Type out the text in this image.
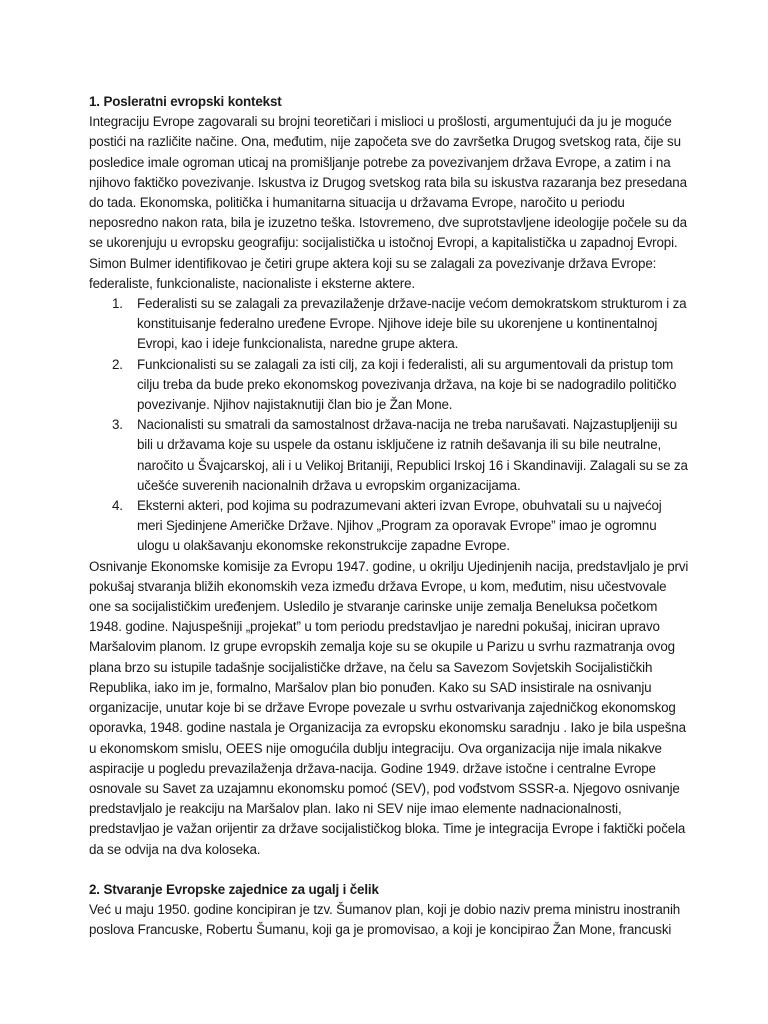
1. Posleratni evropski kontekst

Integraciju Evrope zagovarali su brojni teoretičari i mislioci u prošlosti, argumentujući da ju je moguće postići na različite načine. Ona, međutim, nije započeta sve do završetka Drugog svetskog rata, čije su posledice imale ogroman uticaj na promišljanje potrebe za povezivanjem država Evrope, a zatim i na njihovo faktičko povezivanje. Iskustva iz Drugog svetskog rata bila su iskustva razaranja bez presedana do tada. Ekonomska, politička i humanitarna situacija u državama Evrope, naročito u periodu neposredno nakon rata, bila je izuzetno teška. Istovremeno, dve suprotstavljene ideologije počele su da se ukorenjuju u evropsku geografiju: socijalistička u istočnoj Evropi, a kapitalistička u zapadnoj Evropi. Simon Bulmer identifikovao je četiri grupe aktera koji su se zalagali za povezivanje država Evrope: federaliste, funkcionaliste, nacionaliste i eksterne aktere.

1. Federalisti su se zalagali za prevazilaženje države-nacije većom demokratskom strukturom i za konstituisanje federalno uređene Evrope. Njihove ideje bile su ukorenjene u kontinentalnoj Evropi, kao i ideje funkcionalista, naredne grupe aktera.
2. Funkcionalisti su se zalagali za isti cilj, za koji i federalisti, ali su argumentovali da pristup tom cilju treba da bude preko ekonomskog povezivanja država, na koje bi se nadogradilo političko povezivanje. Njihov najistaknutiji član bio je Žan Mone.
3. Nacionalisti su smatrali da samostalnost država-nacija ne treba narušavati. Najzastupljeniji su bili u državama koje su uspele da ostanu isključene iz ratnih dešavanja ili su bile neutralne, naročito u Švajcarskoj, ali i u Velikoj Britaniji, Republici Irskoj 16 i Skandinaviji. Zalagali su se za učešće suverenih nacionalnih država u evropskim organizacijama.
4. Eksterni akteri, pod kojima su podrazumevani akteri izvan Evrope, obuhvatali su u najvećoj meri Sjedinjene Američke Države. Njihov „Program za oporavak Evrope” imao je ogromnu ulogu u olakšavanju ekonomske rekonstrukcije zapadne Evrope.

Osnivanje Ekonomske komisije za Evropu 1947. godine, u okrilju Ujedinjenih nacija, predstavljalo je prvi pokušaj stvaranja bližih ekonomskih veza između država Evrope, u kom, međutim, nisu učestvovale one sa socijalističkim uređenjem. Usledilo je stvaranje carinske unije zemalja Beneluksa početkom 1948. godine. Najuspešniji „projekat” u tom periodu predstavljao je naredni pokušaj, iniciran upravo Maršalovim planom. Iz grupe evropskih zemalja koje su se okupile u Parizu u svrhu razmatranja ovog plana brzo su istupile tadašnje socijalističke države, na čelu sa Savezom Sovjetskih Socijalističkih Republika, iako im je, formalno, Maršalov plan bio ponuđen. Kako su SAD insistirale na osnivanju organizacije, unutar koje bi se države Evrope povezale u svrhu ostvarivanja zajedničkog ekonomskog oporavka, 1948. godine nastala je Organizacija za evropsku ekonomsku saradnju . Iako je bila uspešna u ekonomskom smislu, OEES nije omogućila dublju integraciju. Ova organizacija nije imala nikakve aspiracije u pogledu prevazilaženja država-nacija. Godine 1949. države istočne i centralne Evrope osnovale su Savet za uzajamnu ekonomsku pomoć (SEV), pod vođstvom SSSR-a. Njegovo osnivanje predstavljalo je reakciju na Maršalov plan. Iako ni SEV nije imao elemente nadnacionalnosti, predstavljao je važan orijentir za države socijalističkog bloka. Time je integracija Evrope i faktički počela da se odvija na dva koloseka.

2. Stvaranje Evropske zajednice za ugalj i čelik

Već u maju 1950. godine koncipiran je tzv. Šumanov plan, koji je dobio naziv prema ministru inostranih poslova Francuske, Robertu Šumanu, koji ga je promovisao, a koji je koncipirao Žan Mone, francuski
